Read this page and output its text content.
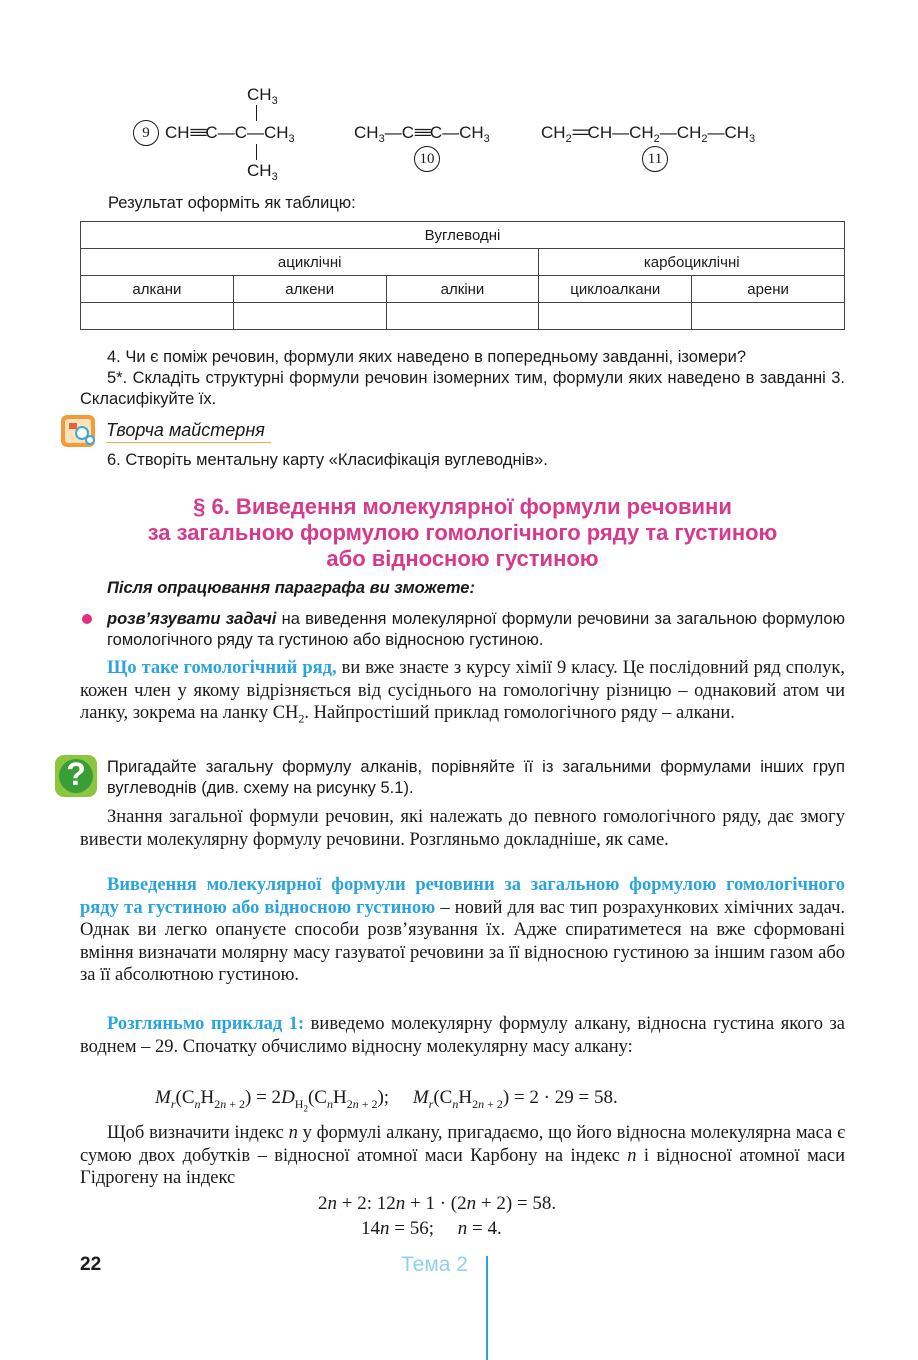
$CH_3$
9 $CH\equiv\equiv C—C—CH_3$
$CH_3$
$CH_3—C\equiv\equiv C—CH_3$
10
$CH_2==CH—CH_2—CH_2—CH_3$
11
Результат оформіть як таблицю:
Вуглеводні				
ациклічні			карбоциклічні	
алкани	алкени	алкіни	циклоалкани	арени

4. Чи є поміж речовин, формули яких наведено в попередньому завданні, ізомери?

5*. Складіть структурні формули речовин ізомерних тим, формули яких наведено в завданні 3. Скласифікуйте їх.

Творча майстерня
6. Створіть ментальну карту «Класифікація вуглеводнів».
§ 6. Виведення молекулярної формули речовини
за загальною формулою гомологічного ряду та густиною
або відносною густиною
Після опрацювання параграфа ви зможете:
розв’язувати задачі на виведення молекулярної формули речовини за загальною формулою гомологічного ряду та густиною або відносною густиною.

Що таке гомологічний ряд, ви вже знаєте з курсу хімії 9 класу. Це послідовний ряд сполук, кожен член у якому відрізняється від сусіднього на гомологічну різницю – однаковий атом чи ланку, зокрема на ланку $CH_2$. Найпростіший приклад гомологічного ряду – алкани.

?	Пригадайте загальну формулу алканів, порівняйте її із загальними формулами інших груп вуглеводнів (див. схему на рисунку 5.1).

Знання загальної формули речовин, які належать до певного гомологічного ряду, дає змогу вивести молекулярну формулу речовини. Розгляньмо докладніше, як саме.

Виведення молекулярної формули речовини за загальною формулою гомологічного ряду та густиною або відносною густиною – новий для вас тип розрахункових хімічних задач. Однак ви легко опануєте способи розв’язування їх. Адже спиратиметеся на вже сформовані вміння визначати молярну масу газуватої речовини за її відносною густиною за іншим газом або за її абсолютною густиною.

Розгляньмо приклад 1: виведемо молекулярну формулу алкану, відносна густина якого за воднем – 29. Спочатку обчислимо відносну молекулярну масу алкану:

$M_r(C_nH_{2n + 2}) = 2D_{H_2}(C_nH_{2n + 2})$; $M_r(C_nH_{2n + 2}) = 2 \cdot 29 = 58$.

Щоб визначити індекс n у формулі алкану, пригадаємо, що його відносна молекулярна маса є сумою двох добутків – відносної атомної маси Карбону на індекс n і відносної атомної маси Гідрогену на індекс

2n + 2: 12n + 1 · (2n + 2) = 58.
14n = 56; n = 4.
22	Тема 2
